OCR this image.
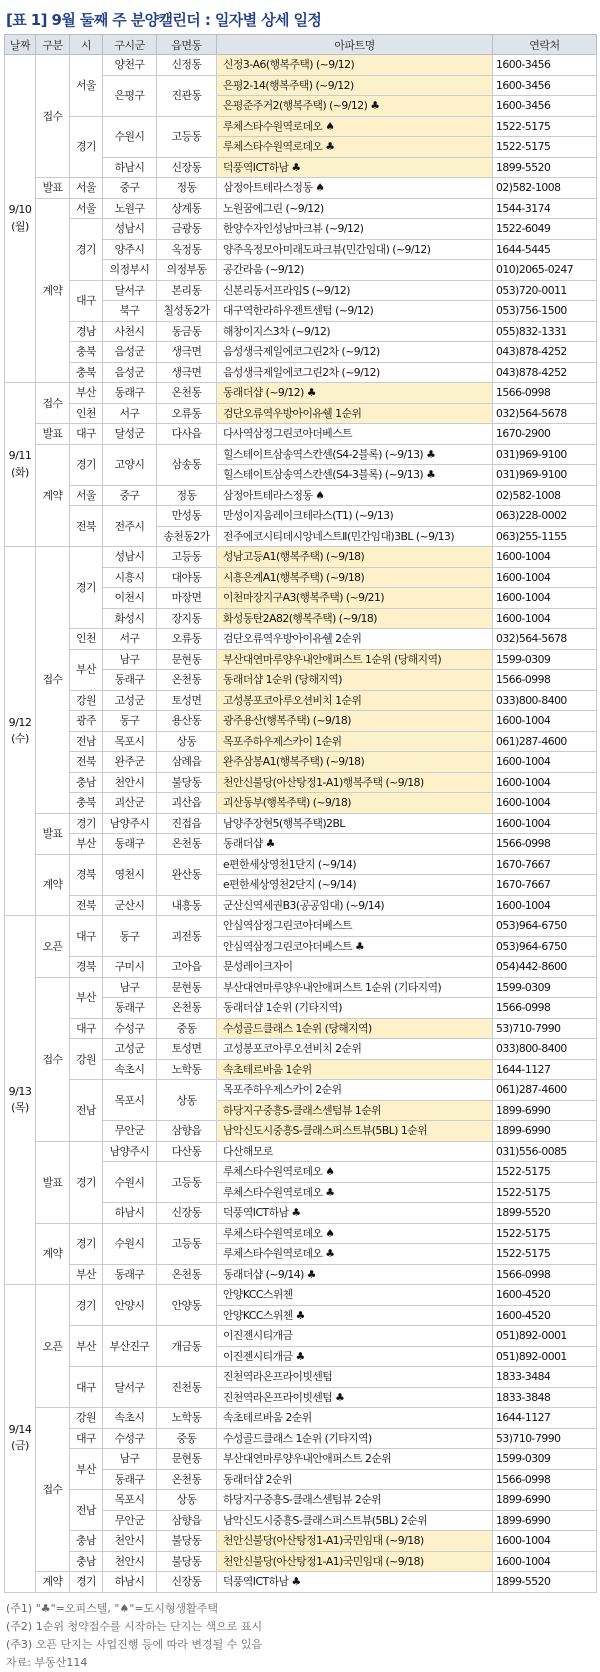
[표 1] 9월 둘째 주 분양캘린더 : 일자별 상세 일정
날짜	구분	시	구시군	읍면동	아파트명	연락처
9/10
(월)	접수	서울	양천구	신정동	신정3-A6(행복주택) (~9/12)	1600-3456
			은평구	진관동	은평2-14(행복주택) (~9/12)	1600-3456
					은평준주거2(행복주택) (~9/12) ♣	1600-3456
		경기	수원시	고등동	루체스타수원역로데오 ♠	1522-5175
					루체스타수원역로데오 ♣	1522-5175
			하남시	신장동	덕풍역ICT하남 ♣	1899-5520
	발표	서울	중구	정동	삼정아트테라스정동 ♠	02)582-1008
	계약	서울	노원구	상계동	노원꿈에그린 (~9/12)	1544-3174
		경기	성남시	금광동	한양수자인성남마크뷰 (~9/12)	1522-6049
			양주시	옥정동	양주옥정모아미래도파크뷰(민간임대) (~9/12)	1644-5445
			의정부시	의정부동	공간라움 (~9/12)	010)2065-0247
		대구	달서구	본리동	신본리동서프라임S (~9/12)	053)720-0011
			북구	칠성동2가	대구역한라하우젠트센텀 (~9/12)	053)756-1500
		경남	사천시	동금동	해창이지스3차 (~9/12)	055)832-1331
		충북	음성군	생극면	음성생극제일에코그린2차 (~9/12)	043)878-4252
		충북	음성군	생극면	음성생극제일에코그린2차 (~9/12)	043)878-4252
9/11
(화)	접수	부산	동래구	온천동	동래더샵 (~9/12) ♣	1566-0998
		인천	서구	오류동	검단오류역우방아이유쉘 1순위	032)564-5678
	발표	대구	달성군	다사읍	다사역삼정그린코아더베스트	1670-2900
	계약	경기	고양시	삼송동	힐스테이트삼송역스칸센(S4-2블록) (~9/13) ♣	031)969-9100
					힐스테이트삼송역스칸센(S4-3블록) (~9/13) ♣	031)969-9100
		서울	중구	정동	삼정아트테라스정동 ♠	02)582-1008
		전북	전주시	만성동	만성이지움레이크테라스(T1) (~9/13)	063)228-0002
				송천동2가	전주에코시티데시앙네스트Ⅱ(민간임대)3BL (~9/13)	063)255-1155
9/12
(수)	접수	경기	성남시	고등동	성남고등A1(행복주택) (~9/18)	1600-1004
			시흥시	대야동	시흥은계A1(행복주택) (~9/18)	1600-1004
			이천시	마장면	이천마장지구A3(행복주택) (~9/21)	1600-1004
			화성시	장지동	화성동탄2A82(행복주택) (~9/18)	1600-1004
		인천	서구	오류동	검단오류역우방아이유쉘 2순위	032)564-5678
		부산	남구	문현동	부산대연마루양우내안애퍼스트 1순위 (당해지역)	1599-0309
			동래구	온천동	동래더샵 1순위 (당해지역)	1566-0998
		강원	고성군	토성면	고성봉포코아루오션비치 1순위	033)800-8400
		광주	동구	용산동	광주용산(행복주택) (~9/18)	1600-1004
		전남	목포시	상동	목포주하우제스카이 1순위	061)287-4600
		전북	완주군	삼례읍	완주삼봉A1(행복주택) (~9/18)	1600-1004
		충남	천안시	불당동	천안신불당(아산탕정1-A1)행복주택 (~9/18)	1600-1004
		충북	괴산군	괴산읍	괴산동부(행복주택) (~9/18)	1600-1004
	발표	경기	남양주시	진접읍	남양주장현5(행복주택)2BL	1600-1004
		부산	동래구	온천동	동래더샵 ♣	1566-0998
	계약	경북	영천시	완산동	e편한세상영천1단지 (~9/14)	1670-7667
					e편한세상영천2단지 (~9/14)	1670-7667
		전북	군산시	내흥동	군산신역세권B3(공공임대) (~9/14)	1600-1004
9/13
(목)	오픈	대구	동구	괴전동	안심역삼정그린코아더베스트	053)964-6750
					안심역삼정그린코아더베스트 ♣	053)964-6750
		경북	구미시	고아읍	문성레이크자이	054)442-8600
	접수	부산	남구	문현동	부산대연마루양우내안애퍼스트 1순위 (기타지역)	1599-0309
			동래구	온천동	동래더샵 1순위 (기타지역)	1566-0998
		대구	수성구	중동	수성골드클래스 1순위 (당해지역)	53)710-7990
		강원	고성군	토성면	고성봉포코아루오션비치 2순위	033)800-8400
			속초시	노학동	속초테르바움 1순위	1644-1127
		전남	목포시	상동	목포주하우제스카이 2순위	061)287-4600
					하당지구중흥S-클래스센텀뷰 1순위	1899-6990
			무안군	삼향읍	남악신도시중흥S-클래스퍼스트뷰(5BL) 1순위	1899-6990
	발표	경기	남양주시	다산동	다산해모로	031)556-0085
			수원시	고등동	루체스타수원역로데오 ♠	1522-5175
					루체스타수원역로데오 ♣	1522-5175
			하남시	신장동	덕풍역ICT하남 ♣	1899-5520
	계약	경기	수원시	고등동	루체스타수원역로데오 ♠	1522-5175
					루체스타수원역로데오 ♣	1522-5175
		부산	동래구	온천동	동래더샵 (~9/14) ♣	1566-0998
9/14
(금)	오픈	경기	안양시	안양동	안양KCC스위첸	1600-4520
					안양KCC스위첸 ♣	1600-4520
		부산	부산진구	개금동	이진젠시티개금	051)892-0001
					이진젠시티개금 ♣	051)892-0001
		대구	달서구	진천동	진천역라온프라이빗센텀	1833-3484
					진천역라온프라이빗센텀 ♣	1833-3848
	접수	강원	속초시	노학동	속초테르바움 2순위	1644-1127
		대구	수성구	중동	수성골드클래스 1순위 (기타지역)	53)710-7990
		부산	남구	문현동	부산대연마루양우내안애퍼스트 2순위	1599-0309
			동래구	온천동	동래더샵 2순위	1566-0998
		전남	목포시	상동	하당지구중흥S-클래스센텀뷰 2순위	1899-6990
			무안군	삼향읍	남악신도시중흥S-클래스퍼스트뷰(5BL) 2순위	1899-6990
		충남	천안시	불당동	천안신불당(아산탕정1-A1)국민임대 (~9/18)	1600-1004
		충남	천안시	불당동	천안신불당(아산탕정1-A1)국민임대 (~9/18)	1600-1004
	계약	경기	하남시	신장동	덕풍역ICT하남 ♣	1899-5520
(주1) "♣"=오피스텔, "♠"=도시형생활주택
(주2) 1순위 청약접수를 시작하는 단지는 색으로 표시
(주3) 오픈 단지는 사업진행 등에 따라 변경될 수 있음
자료: 부동산114
